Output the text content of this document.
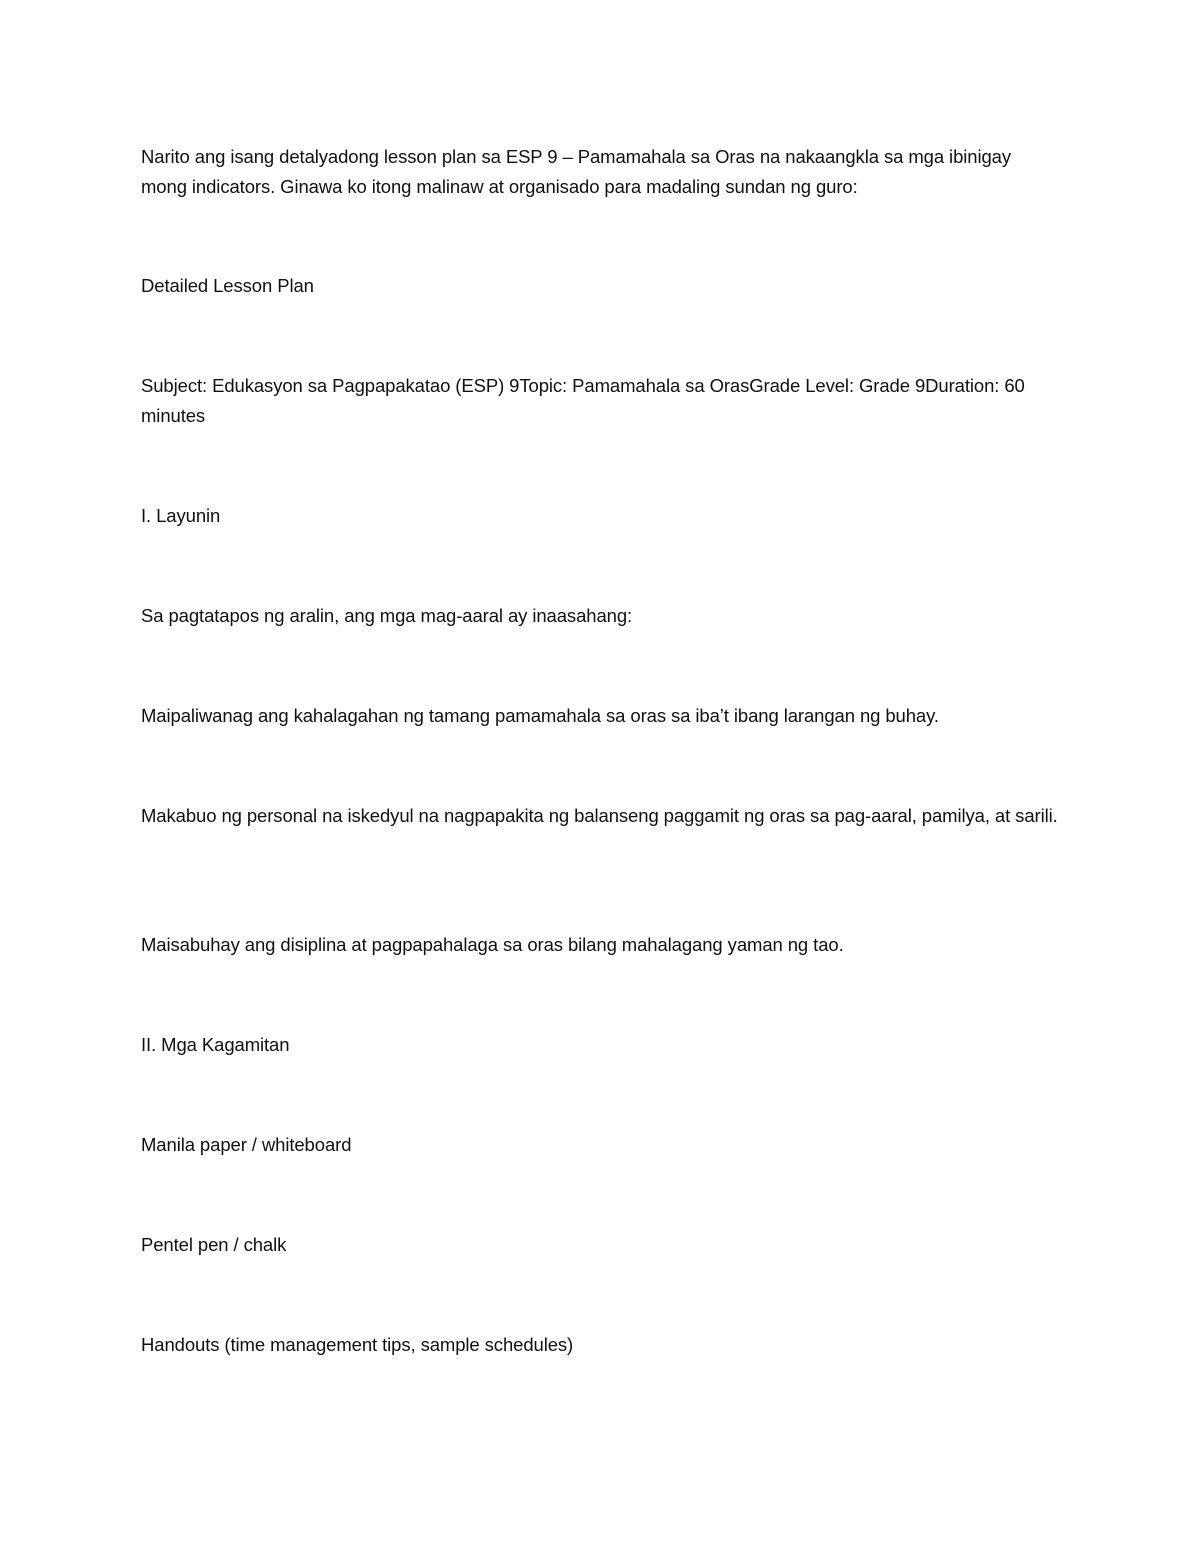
Narito ang isang detalyadong lesson plan sa ESP 9 – Pamamahala sa Oras na nakaangkla sa mga ibinigay mong indicators. Ginawa ko itong malinaw at organisado para madaling sundan ng guro:

Detailed Lesson Plan

Subject: Edukasyon sa Pagpapakatao (ESP) 9Topic: Pamamahala sa OrasGrade Level: Grade 9Duration: 60 minutes

I. Layunin

Sa pagtatapos ng aralin, ang mga mag-aaral ay inaasahang:

Maipaliwanag ang kahalagahan ng tamang pamamahala sa oras sa iba’t ibang larangan ng buhay.

Makabuo ng personal na iskedyul na nagpapakita ng balanseng paggamit ng oras sa pag-aaral, pamilya, at sarili.

Maisabuhay ang disiplina at pagpapahalaga sa oras bilang mahalagang yaman ng tao.

II. Mga Kagamitan

Manila paper / whiteboard

Pentel pen / chalk

Handouts (time management tips, sample schedules)
